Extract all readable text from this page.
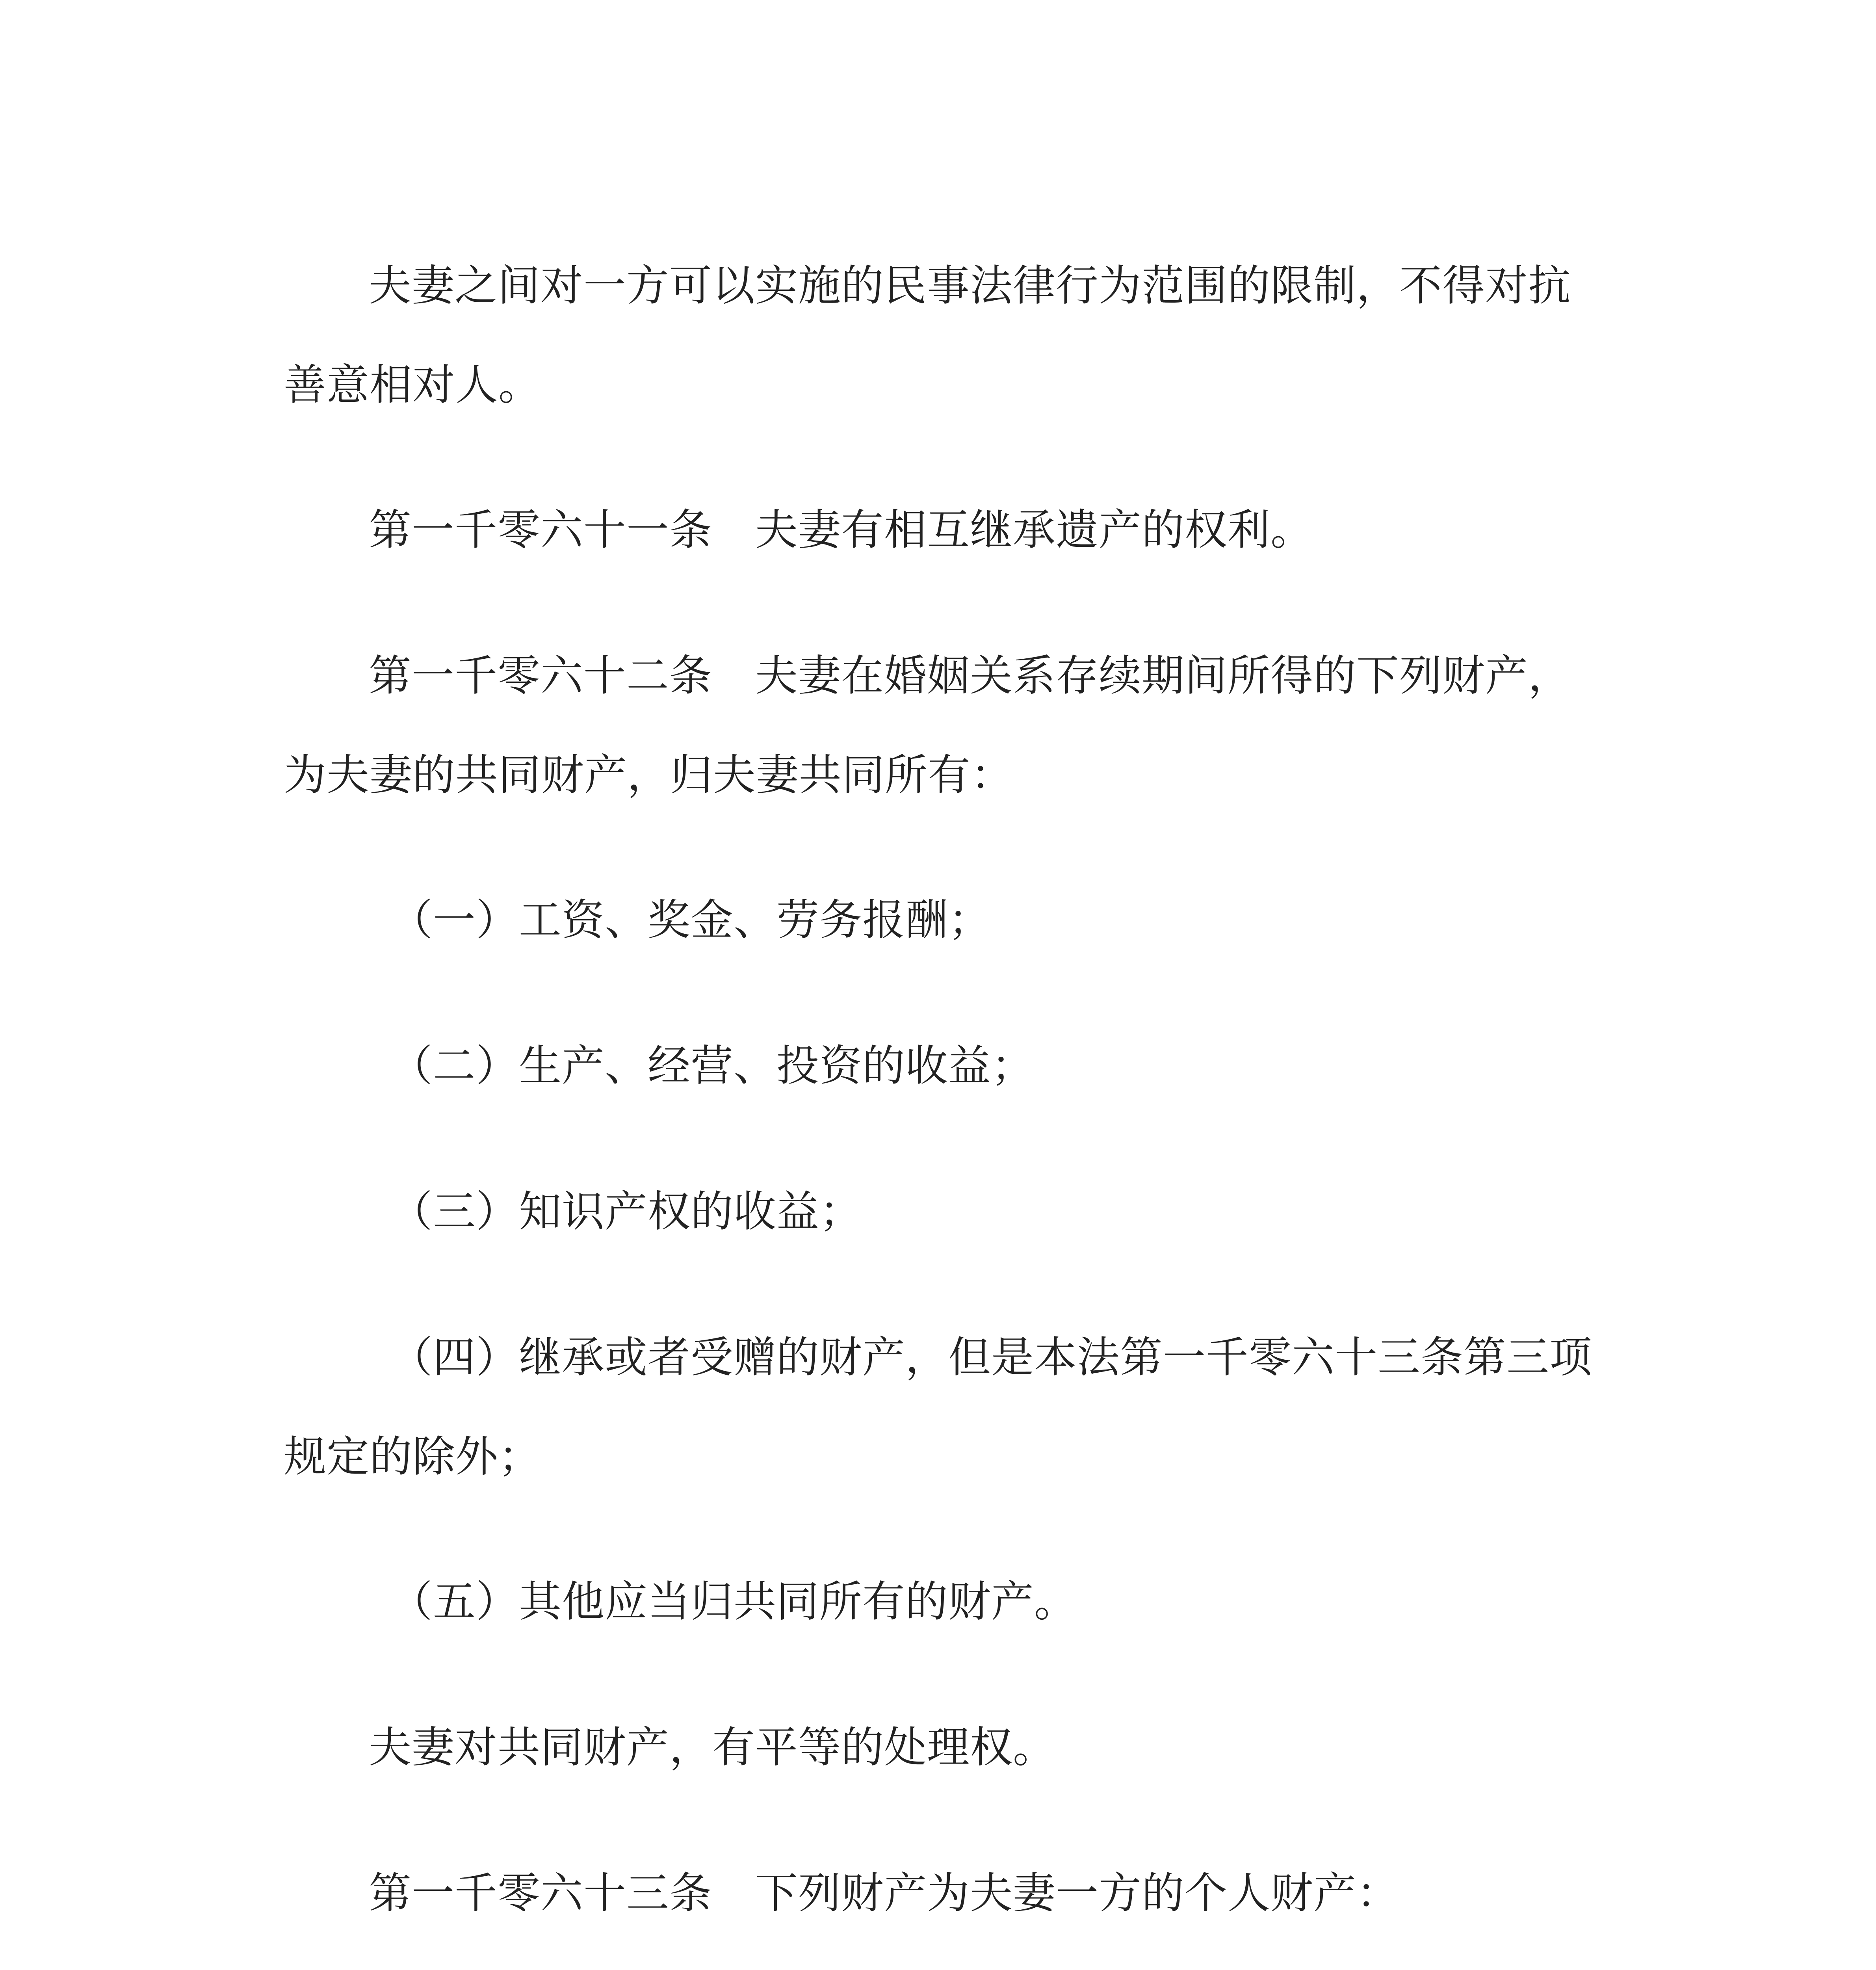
夫妻之间对一方可以实施的民事法律行为范围的限制，不得对抗善意相对人。

第一千零六十一条　夫妻有相互继承遗产的权利。

第一千零六十二条　夫妻在婚姻关系存续期间所得的下列财产，为夫妻的共同财产，归夫妻共同所有：

（一）工资、奖金、劳务报酬；

（二）生产、经营、投资的收益；

（三）知识产权的收益；

（四）继承或者受赠的财产，但是本法第一千零六十三条第三项规定的除外；

（五）其他应当归共同所有的财产。

夫妻对共同财产，有平等的处理权。

第一千零六十三条　下列财产为夫妻一方的个人财产：
